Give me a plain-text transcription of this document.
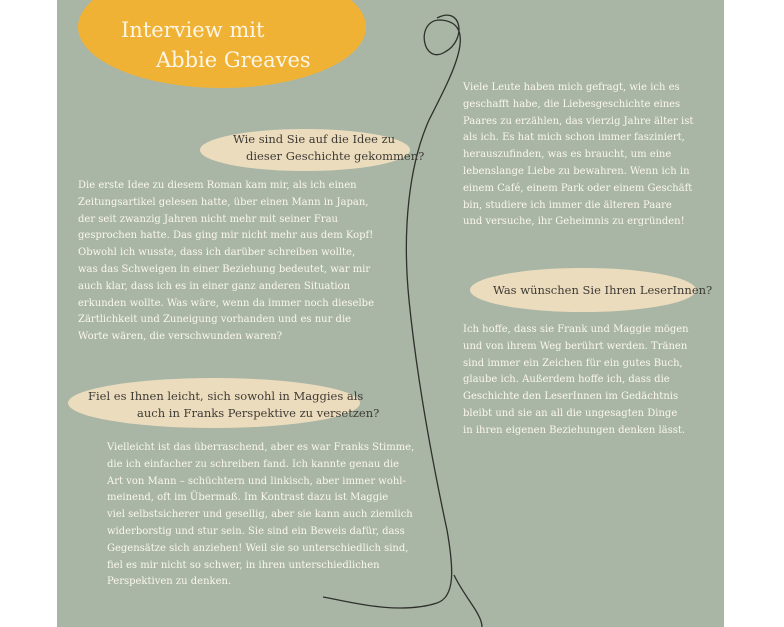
Interview mit
Abbie Greaves
Viele Leute haben mich gefragt, wie ich es
geschafft habe, die Liebesgeschichte eines
Paares zu erzählen, das vierzig Jahre älter ist
als ich. Es hat mich schon immer fasziniert,
herauszufinden, was es braucht, um eine
lebenslange Liebe zu bewahren. Wenn ich in
einem Café, einem Park oder einem Geschäft
bin, studiere ich immer die älteren Paare
und versuche, ihr Geheimnis zu ergründen!
Wie sind Sie auf die Idee zu
dieser Geschichte gekommen?
Die erste Idee zu diesem Roman kam mir, als ich einen
Zeitungsartikel gelesen hatte, über einen Mann in Japan,
der seit zwanzig Jahren nicht mehr mit seiner Frau
gesprochen hatte. Das ging mir nicht mehr aus dem Kopf!
Obwohl ich wusste, dass ich darüber schreiben wollte,
was das Schweigen in einer Beziehung bedeutet, war mir
auch klar, dass ich es in einer ganz anderen Situation
erkunden wollte. Was wäre, wenn da immer noch dieselbe
Zärtlichkeit und Zuneigung vorhanden und es nur die
Worte wären, die verschwunden waren?
Fiel es Ihnen leicht, sich sowohl in Maggies als
auch in Franks Perspektive zu versetzen?
Vielleicht ist das überraschend, aber es war Franks Stimme,
die ich einfacher zu schreiben fand. Ich kannte genau die
Art von Mann – schüchtern und linkisch, aber immer wohl-
meinend, oft im Übermaß. Im Kontrast dazu ist Maggie
viel selbstsicherer und gesellig, aber sie kann auch ziemlich
widerborstig und stur sein. Sie sind ein Beweis dafür, dass
Gegensätze sich anziehen! Weil sie so unterschiedlich sind,
fiel es mir nicht so schwer, in ihren unterschiedlichen
Perspektiven zu denken.
Was wünschen Sie Ihren LeserInnen?
Ich hoffe, dass sie Frank und Maggie mögen
und von ihrem Weg berührt werden. Tränen
sind immer ein Zeichen für ein gutes Buch,
glaube ich. Außerdem hoffe ich, dass die
Geschichte den LeserInnen im Gedächtnis
bleibt und sie an all die ungesagten Dinge
in ihren eigenen Beziehungen denken lässt.
